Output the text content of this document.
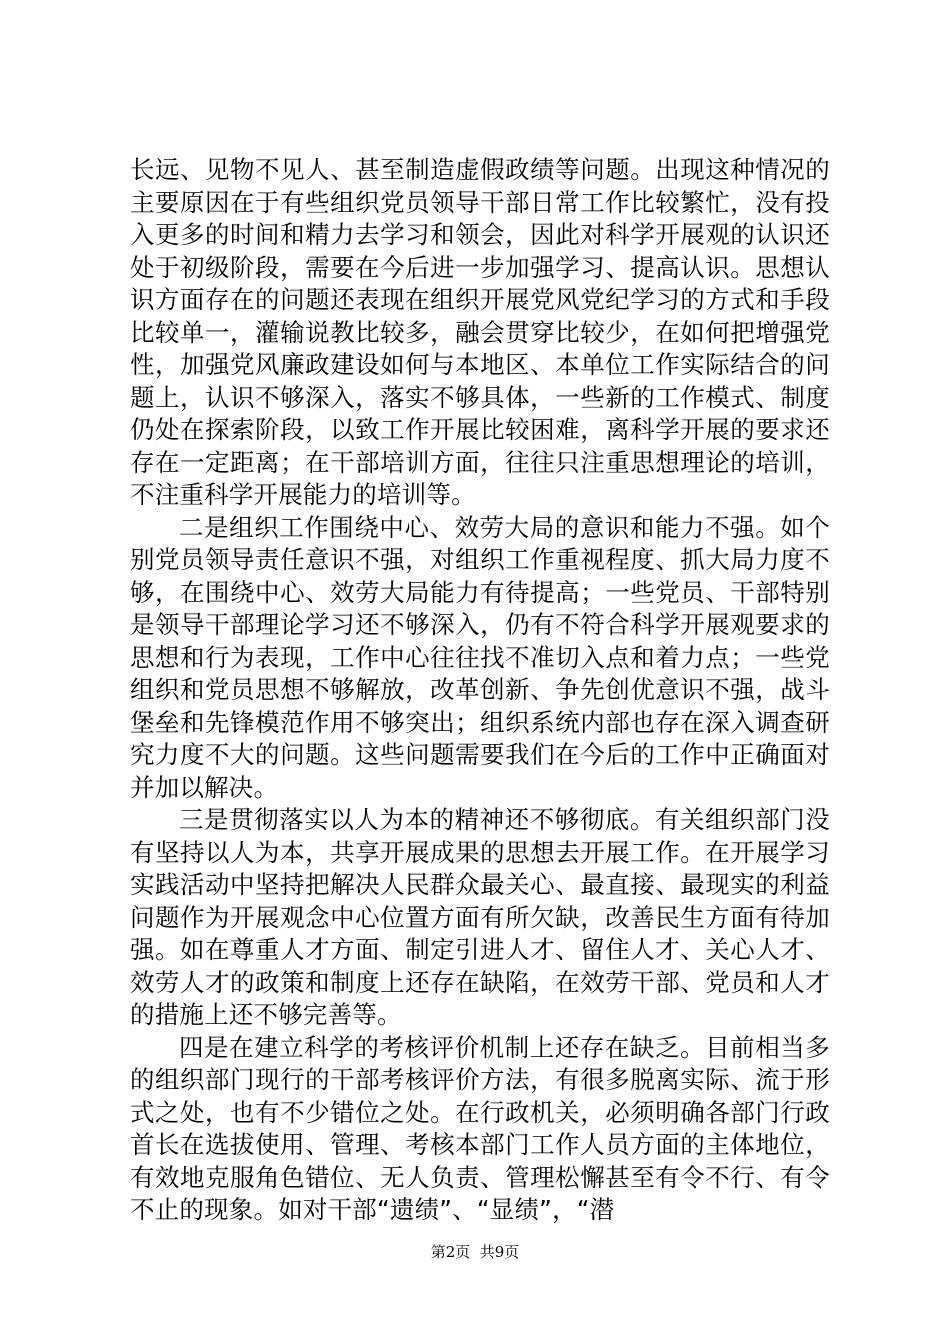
长远、见物不见人、甚至制造虚假政绩等问题。出现这种情况的主要原因在于有些组织党员领导干部日常工作比较繁忙，没有投入更多的时间和精力去学习和领会，因此对科学开展观的认识还处于初级阶段，需要在今后进一步加强学习、提高认识。思想认识方面存在的问题还表现在组织开展党风党纪学习的方式和手段比较单一，灌输说教比较多，融会贯穿比较少，在如何把增强党性，加强党风廉政建设如何与本地区、本单位工作实际结合的问题上，认识不够深入，落实不够具体，一些新的工作模式、制度仍处在探索阶段，以致工作开展比较困难，离科学开展的要求还存在一定距离；在干部培训方面，往往只注重思想理论的培训，不注重科学开展能力的培训等。

二是组织工作围绕中心、效劳大局的意识和能力不强。如个别党员领导责任意识不强，对组织工作重视程度、抓大局力度不够，在围绕中心、效劳大局能力有待提高；一些党员、干部特别是领导干部理论学习还不够深入，仍有不符合科学开展观要求的思想和行为表现，工作中心往往找不准切入点和着力点；一些党组织和党员思想不够解放，改革创新、争先创优意识不强，战斗堡垒和先锋模范作用不够突出；组织系统内部也存在深入调查研究力度不大的问题。这些问题需要我们在今后的工作中正确面对并加以解决。

三是贯彻落实以人为本的精神还不够彻底。有关组织部门没有坚持以人为本，共享开展成果的思想去开展工作。在开展学习实践活动中坚持把解决人民群众最关心、最直接、最现实的利益问题作为开展观念中心位置方面有所欠缺，改善民生方面有待加强。如在尊重人才方面、制定引进人才、留住人才、关心人才、效劳人才的政策和制度上还存在缺陷，在效劳干部、党员和人才的措施上还不够完善等。

四是在建立科学的考核评价机制上还存在缺乏。目前相当多的组织部门现行的干部考核评价方法，有很多脱离实际、流于形式之处，也有不少错位之处。在行政机关，必须明确各部门行政首长在选拔使用、管理、考核本部门工作人员方面的主体地位，有效地克服角色错位、无人负责、管理松懈甚至有令不行、有令不止的现象。如对干部“遗绩”、“显绩”，“潜

第2页  共9页
